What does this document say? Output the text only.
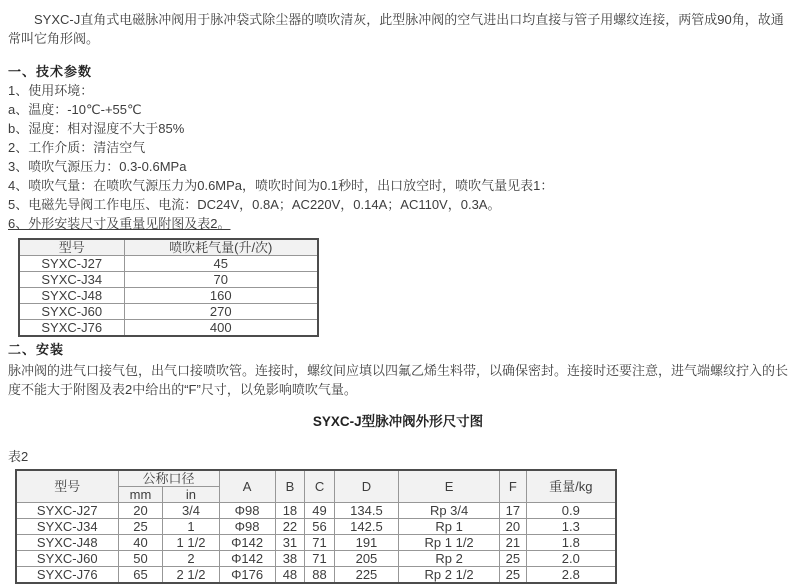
SYXC-J直角式电磁脉冲阀用于脉冲袋式除尘器的喷吹清灰，此型脉冲阀的空气进出口均直接与管子用螺纹连接，两管成90角，故通常叫它角形阀。

一、技术参数
1、使用环境：
a、温度：-10℃-+55℃
b、湿度：相对湿度不大于85%
2、工作介质：清洁空气
3、喷吹气源压力：0.3-0.6MPa
4、喷吹气量：在喷吹气源压力为0.6MPa，喷吹时间为0.1秒时，出口放空时，喷吹气量见表1：
5、电磁先导阀工作电压、电流：DC24V，0.8A；AC220V，0.14A；AC110V，0.3A。
6、外形安装尺寸及重量见附图及表2。
型号	喷吹耗气量(升/次)
SYXC-J27	45
SYXC-J34	70
SYXC-J48	160
SYXC-J60	270
SYXC-J76	400
二、安装

脉冲阀的进气口接气包，出气口接喷吹管。连接时，螺纹间应填以四氟乙烯生料带，以确保密封。连接时还要注意，进气端螺纹拧入的长度不能大于附图及表2中给出的“F”尺寸，以免影响喷吹气量。

SYXC-J型脉冲阀外形尺寸图
表2
型号	公称口径		A	B	C	D	E	F	重量/kg
	mm	in							
SYXC-J27	20	3/4	Φ98	18	49	134.5	Rp 3/4	17	0.9
SYXC-J34	25	1	Φ98	22	56	142.5	Rp 1	20	1.3
SYXC-J48	40	1 1/2	Φ142	31	71	191	Rp 1 1/2	21	1.8
SYXC-J60	50	2	Φ142	38	71	205	Rp 2	25	2.0
SYXC-J76	65	2 1/2	Φ176	48	88	225	Rp 2 1/2	25	2.8
